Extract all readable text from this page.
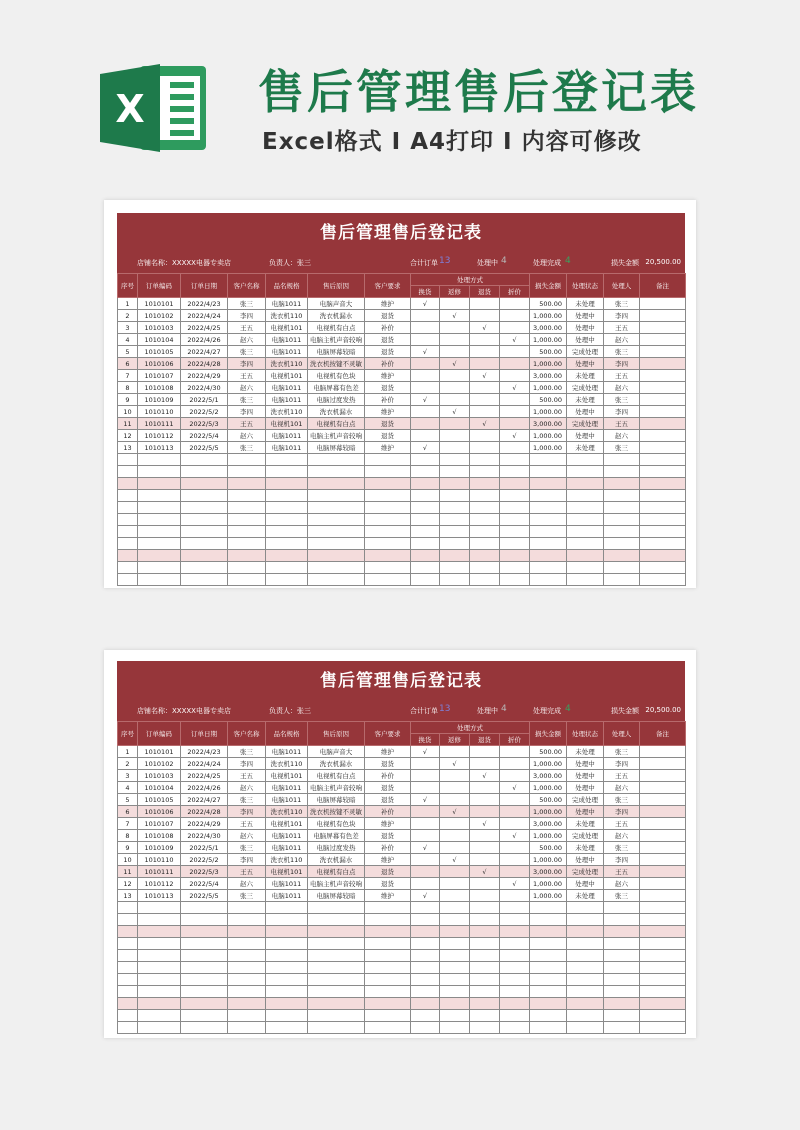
X 售后管理售后登记表
Excel格式 I A4打印 I 内容可修改
售后管理售后登记表
店铺名称：XXXXX电器专卖店	负责人：张三	合计订单 13	处理中 4	处理完成 4	损失金额 20,500.00
序号	订单编码	订单日期	客户名称	品名规格	售后原因	客户要求	处理方式				损失金额	处理状态	处理人	备注
							换货	返修	退货	折价				
1	1010101	2022/4/23	张三	电脑1011	电脑声音大	维护	√				500.00	未处理	张三	
2	1010102	2022/4/24	李四	洗衣机110	洗衣机漏水	退货		√			1,000.00	处理中	李四	
3	1010103	2022/4/25	王五	电视机101	电视机有白点	补价			√		3,000.00	处理中	王五	
4	1010104	2022/4/26	赵六	电脑1011	电脑主机声音较响	退货				√	1,000.00	处理中	赵六	
5	1010105	2022/4/27	张三	电脑1011	电脑屏幕较暗	退货	√				500.00	完成处理	张三	
6	1010106	2022/4/28	李四	洗衣机110	洗衣机按键不灵敏	补价		√			1,000.00	处理中	李四	
7	1010107	2022/4/29	王五	电视机101	电视机有色块	维护			√		3,000.00	未处理	王五	
8	1010108	2022/4/30	赵六	电脑1011	电脑屏幕有色差	退货				√	1,000.00	完成处理	赵六	
9	1010109	2022/5/1	张三	电脑1011	电脑过度发热	补价	√				500.00	未处理	张三	
10	1010110	2022/5/2	李四	洗衣机110	洗衣机漏水	维护		√			1,000.00	处理中	李四	
11	1010111	2022/5/3	王五	电视机101	电视机有白点	退货			√		3,000.00	完成处理	王五	
12	1010112	2022/5/4	赵六	电脑1011	电脑主机声音较响	退货				√	1,000.00	处理中	赵六	
13	1010113	2022/5/5	张三	电脑1011	电脑屏幕较暗	维护	√				1,000.00	未处理	张三	

售后管理售后登记表
店铺名称：XXXXX电器专卖店	负责人：张三	合计订单 13	处理中 4	处理完成 4	损失金额 20,500.00
序号	订单编码	订单日期	客户名称	品名规格	售后原因	客户要求	处理方式				损失金额	处理状态	处理人	备注
							换货	返修	退货	折价				
1	1010101	2022/4/23	张三	电脑1011	电脑声音大	维护	√				500.00	未处理	张三	
2	1010102	2022/4/24	李四	洗衣机110	洗衣机漏水	退货		√			1,000.00	处理中	李四	
3	1010103	2022/4/25	王五	电视机101	电视机有白点	补价			√		3,000.00	处理中	王五	
4	1010104	2022/4/26	赵六	电脑1011	电脑主机声音较响	退货				√	1,000.00	处理中	赵六	
5	1010105	2022/4/27	张三	电脑1011	电脑屏幕较暗	退货	√				500.00	完成处理	张三	
6	1010106	2022/4/28	李四	洗衣机110	洗衣机按键不灵敏	补价		√			1,000.00	处理中	李四	
7	1010107	2022/4/29	王五	电视机101	电视机有色块	维护			√		3,000.00	未处理	王五	
8	1010108	2022/4/30	赵六	电脑1011	电脑屏幕有色差	退货				√	1,000.00	完成处理	赵六	
9	1010109	2022/5/1	张三	电脑1011	电脑过度发热	补价	√				500.00	未处理	张三	
10	1010110	2022/5/2	李四	洗衣机110	洗衣机漏水	维护		√			1,000.00	处理中	李四	
11	1010111	2022/5/3	王五	电视机101	电视机有白点	退货			√		3,000.00	完成处理	王五	
12	1010112	2022/5/4	赵六	电脑1011	电脑主机声音较响	退货				√	1,000.00	处理中	赵六	
13	1010113	2022/5/5	张三	电脑1011	电脑屏幕较暗	维护	√				1,000.00	未处理	张三	
